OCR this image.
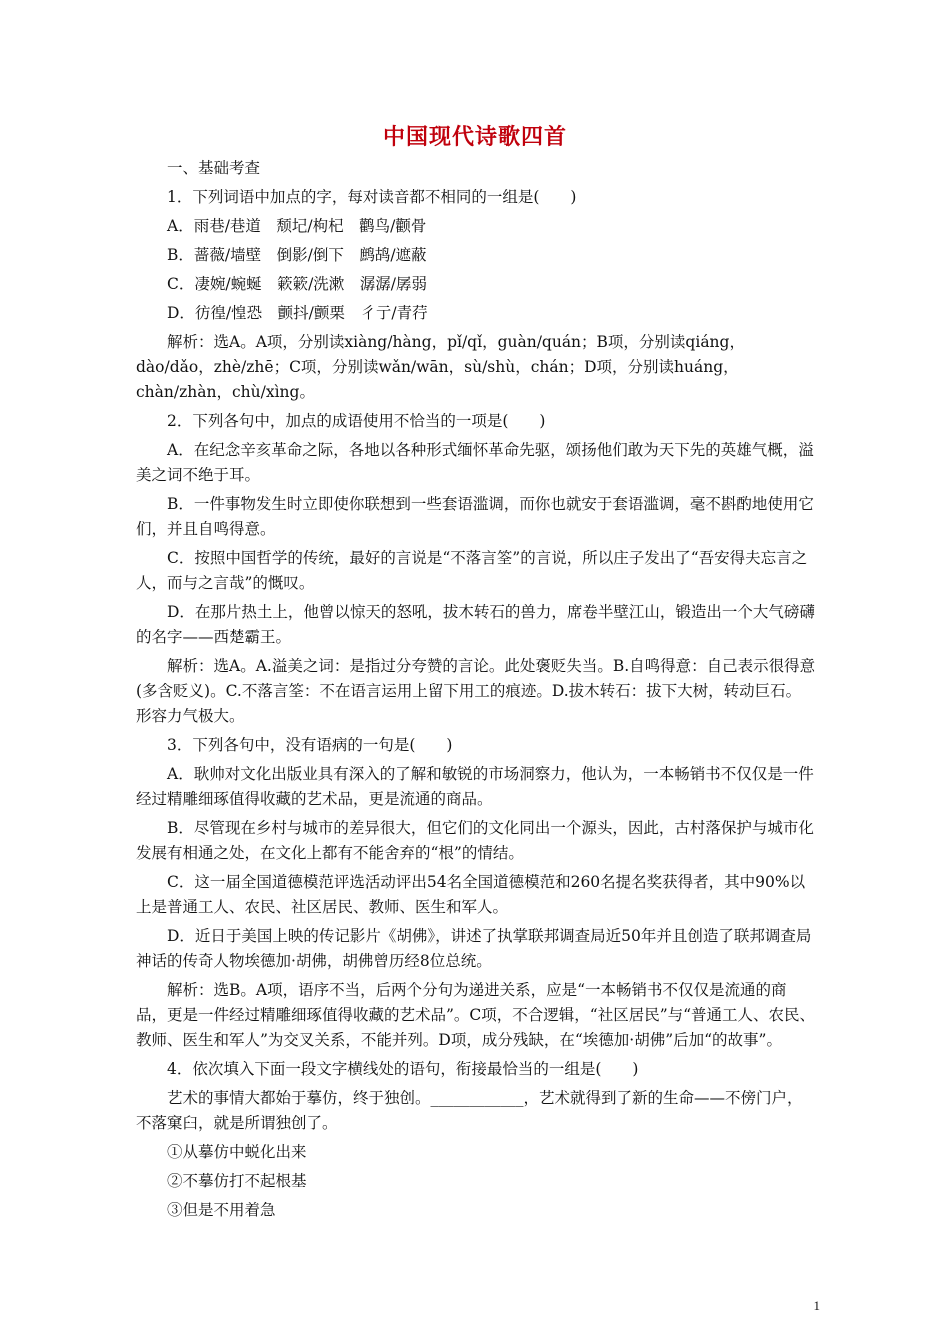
中国现代诗歌四首

一、基础考查

1．下列词语中加点的字，每对读音都不相同的一组是(　　)

A．雨巷/巷道　颓圮/枸杞　鹳鸟/颧骨

B．蔷薇/墙壁　倒影/倒下　鹧鸪/遮蔽

C．凄婉/蜿蜒　簌簌/洗漱　潺潺/孱弱

D．彷徨/惶恐　颤抖/颤栗　彳亍/青荇

解析：选A。A项，分别读xiàng/hàng，pǐ/qǐ，guàn/quán；B项，分别读qiáng，dào/dǎo，zhè/zhē；C项，分别读wǎn/wān，sù/shù，chán；D项，分别读huáng，chàn/zhàn，chù/xìng。

2．下列各句中，加点的成语使用不恰当的一项是(　　)

A．在纪念辛亥革命之际，各地以各种形式缅怀革命先驱，颂扬他们敢为天下先的英雄气概，溢美之词不绝于耳。

B．一件事物发生时立即使你联想到一些套语滥调，而你也就安于套语滥调，毫不斟酌地使用它们，并且自鸣得意。

C．按照中国哲学的传统，最好的言说是“不落言筌”的言说，所以庄子发出了“吾安得夫忘言之人，而与之言哉”的慨叹。

D．在那片热土上，他曾以惊天的怒吼，拔木转石的兽力，席卷半壁江山，锻造出一个大气磅礴的名字——西楚霸王。

解析：选A。A.溢美之词：是指过分夸赞的言论。此处褒贬失当。B.自鸣得意：自己表示很得意(多含贬义)。C.不落言筌：不在语言运用上留下用工的痕迹。D.拔木转石：拔下大树，转动巨石。形容力气极大。

3．下列各句中，没有语病的一句是(　　)

A．耿帅对文化出版业具有深入的了解和敏锐的市场洞察力，他认为，一本畅销书不仅仅是一件经过精雕细琢值得收藏的艺术品，更是流通的商品。

B．尽管现在乡村与城市的差异很大，但它们的文化同出一个源头，因此，古村落保护与城市化发展有相通之处，在文化上都有不能舍弃的“根”的情结。

C．这一届全国道德模范评选活动评出54名全国道德模范和260名提名奖获得者，其中90%以上是普通工人、农民、社区居民、教师、医生和军人。

D．近日于美国上映的传记影片《胡佛》，讲述了执掌联邦调查局近50年并且创造了联邦调查局神话的传奇人物埃德加·胡佛，胡佛曾历经8位总统。

解析：选B。A项，语序不当，后两个分句为递进关系，应是“一本畅销书不仅仅是流通的商品，更是一件经过精雕细琢值得收藏的艺术品”。C项，不合逻辑，“社区居民”与“普通工人、农民、教师、医生和军人”为交叉关系，不能并列。D项，成分残缺，在“埃德加·胡佛”后加“的故事”。

4．依次填入下面一段文字横线处的语句，衔接最恰当的一组是(　　)

艺术的事情大都始于摹仿，终于独创。____________，艺术就得到了新的生命——不傍门户，不落窠臼，就是所谓独创了。

①从摹仿中蜕化出来

②不摹仿打不起根基

③但是不用着急

1
